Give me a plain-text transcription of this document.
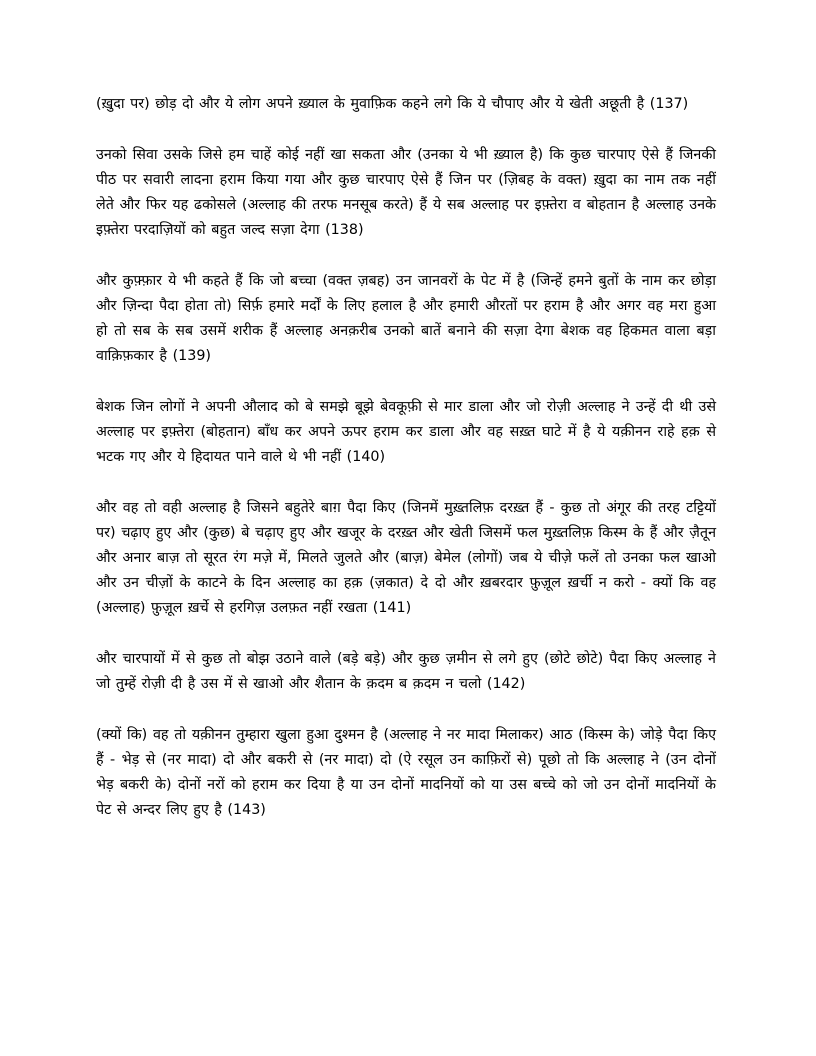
(ख़ुदा पर) छोड़ दो और ये लोग अपने ख़्याल के मुवाफ़िक कहने लगे कि ये चौपाए और ये खेती अछूती है (137)

उनको सिवा उसके जिसे हम चाहें कोई नहीं खा सकता और (उनका ये भी ख़्याल है) कि कुछ चारपाए ऐसे हैं जिनकी पीठ पर सवारी लादना हराम किया गया और कुछ चारपाए ऐसे हैं जिन पर (ज़िबह के वक्त) ख़ुदा का नाम तक नहीं लेते और फिर यह ढकोसले (अल्लाह की तरफ मनसूब करते) हैं ये सब अल्लाह पर इफ़्तेरा व बोहतान है अल्लाह उनके इफ़्तेरा परदाज़ियों को बहुत जल्द सज़ा देगा (138)

और कुफ़्फ़ार ये भी कहते हैं कि जो बच्चा (वक्त ज़बह) उन जानवरों के पेट में है (जिन्हें हमने बुतों के नाम कर छोड़ा और ज़िन्दा पैदा होता तो) सिर्फ़ हमारे मर्दों के लिए हलाल है और हमारी औरतों पर हराम है और अगर वह मरा हुआ हो तो सब के सब उसमें शरीक हैं अल्लाह अनक़रीब उनको बातें बनाने की सज़ा देगा बेशक वह हिकमत वाला बड़ा वाक़िफ़कार है (139)

बेशक जिन लोगों ने अपनी औलाद को बे समझे बूझे बेवकूफ़ी से मार डाला और जो रोज़ी अल्लाह ने उन्हें दी थी उसे अल्लाह पर इफ़्तेरा (बोहतान) बाँध कर अपने ऊपर हराम कर डाला और वह सख़्त घाटे में है ये यक़ीनन राहे हक़ से भटक गए और ये हिदायत पाने वाले थे भी नहीं (140)

और वह तो वही अल्लाह है जिसने बहुतेरे बाग़ पैदा किए (जिनमें मुख़्तलिफ़ दरख़्त हैं - कुछ तो अंगूर की तरह टट्टियों पर) चढ़ाए हुए और (कुछ) बे चढ़ाए हुए और खजूर के दरख़्त और खेती जिसमें फल मुख़्तलिफ़ किस्म के हैं और ज़ैतून और अनार बाज़ तो सूरत रंग मज़े में, मिलते जुलते और (बाज़) बेमेल (लोगों) जब ये चीजे़ फलें तो उनका फल खाओ और उन चीज़ों के काटने के दिन अल्लाह का हक़ (ज़कात) दे दो और ख़बरदार फ़ुज़ूल ख़र्ची न करो - क्यों कि वह (अल्लाह) फ़ुज़ूल ख़र्चे से हरगिज़ उलफ़त नहीं रखता (141)

और चारपायों में से कुछ तो बोझ उठाने वाले (बड़े बड़े) और कुछ ज़मीन से लगे हुए (छोटे छोटे) पैदा किए अल्लाह ने जो तुम्हें रोज़ी दी है उस में से खाओ और शैतान के क़दम ब क़दम न चलो (142)

(क्यों कि) वह तो यक़ीनन तुम्हारा खुला हुआ दुश्मन है (अल्लाह ने नर मादा मिलाकर) आठ (किस्म के) जोड़े पैदा किए हैं - भेड़ से (नर मादा) दो और बकरी से (नर मादा) दो (ऐ रसूल उन काफ़िरों से) पूछो तो कि अल्लाह ने (उन दोनों भेड़ बकरी के) दोनों नरों को हराम कर दिया है या उन दोनों मादनियों को या उस बच्चे को जो उन दोनों मादनियों के पेट से अन्दर लिए हुए है (143)
